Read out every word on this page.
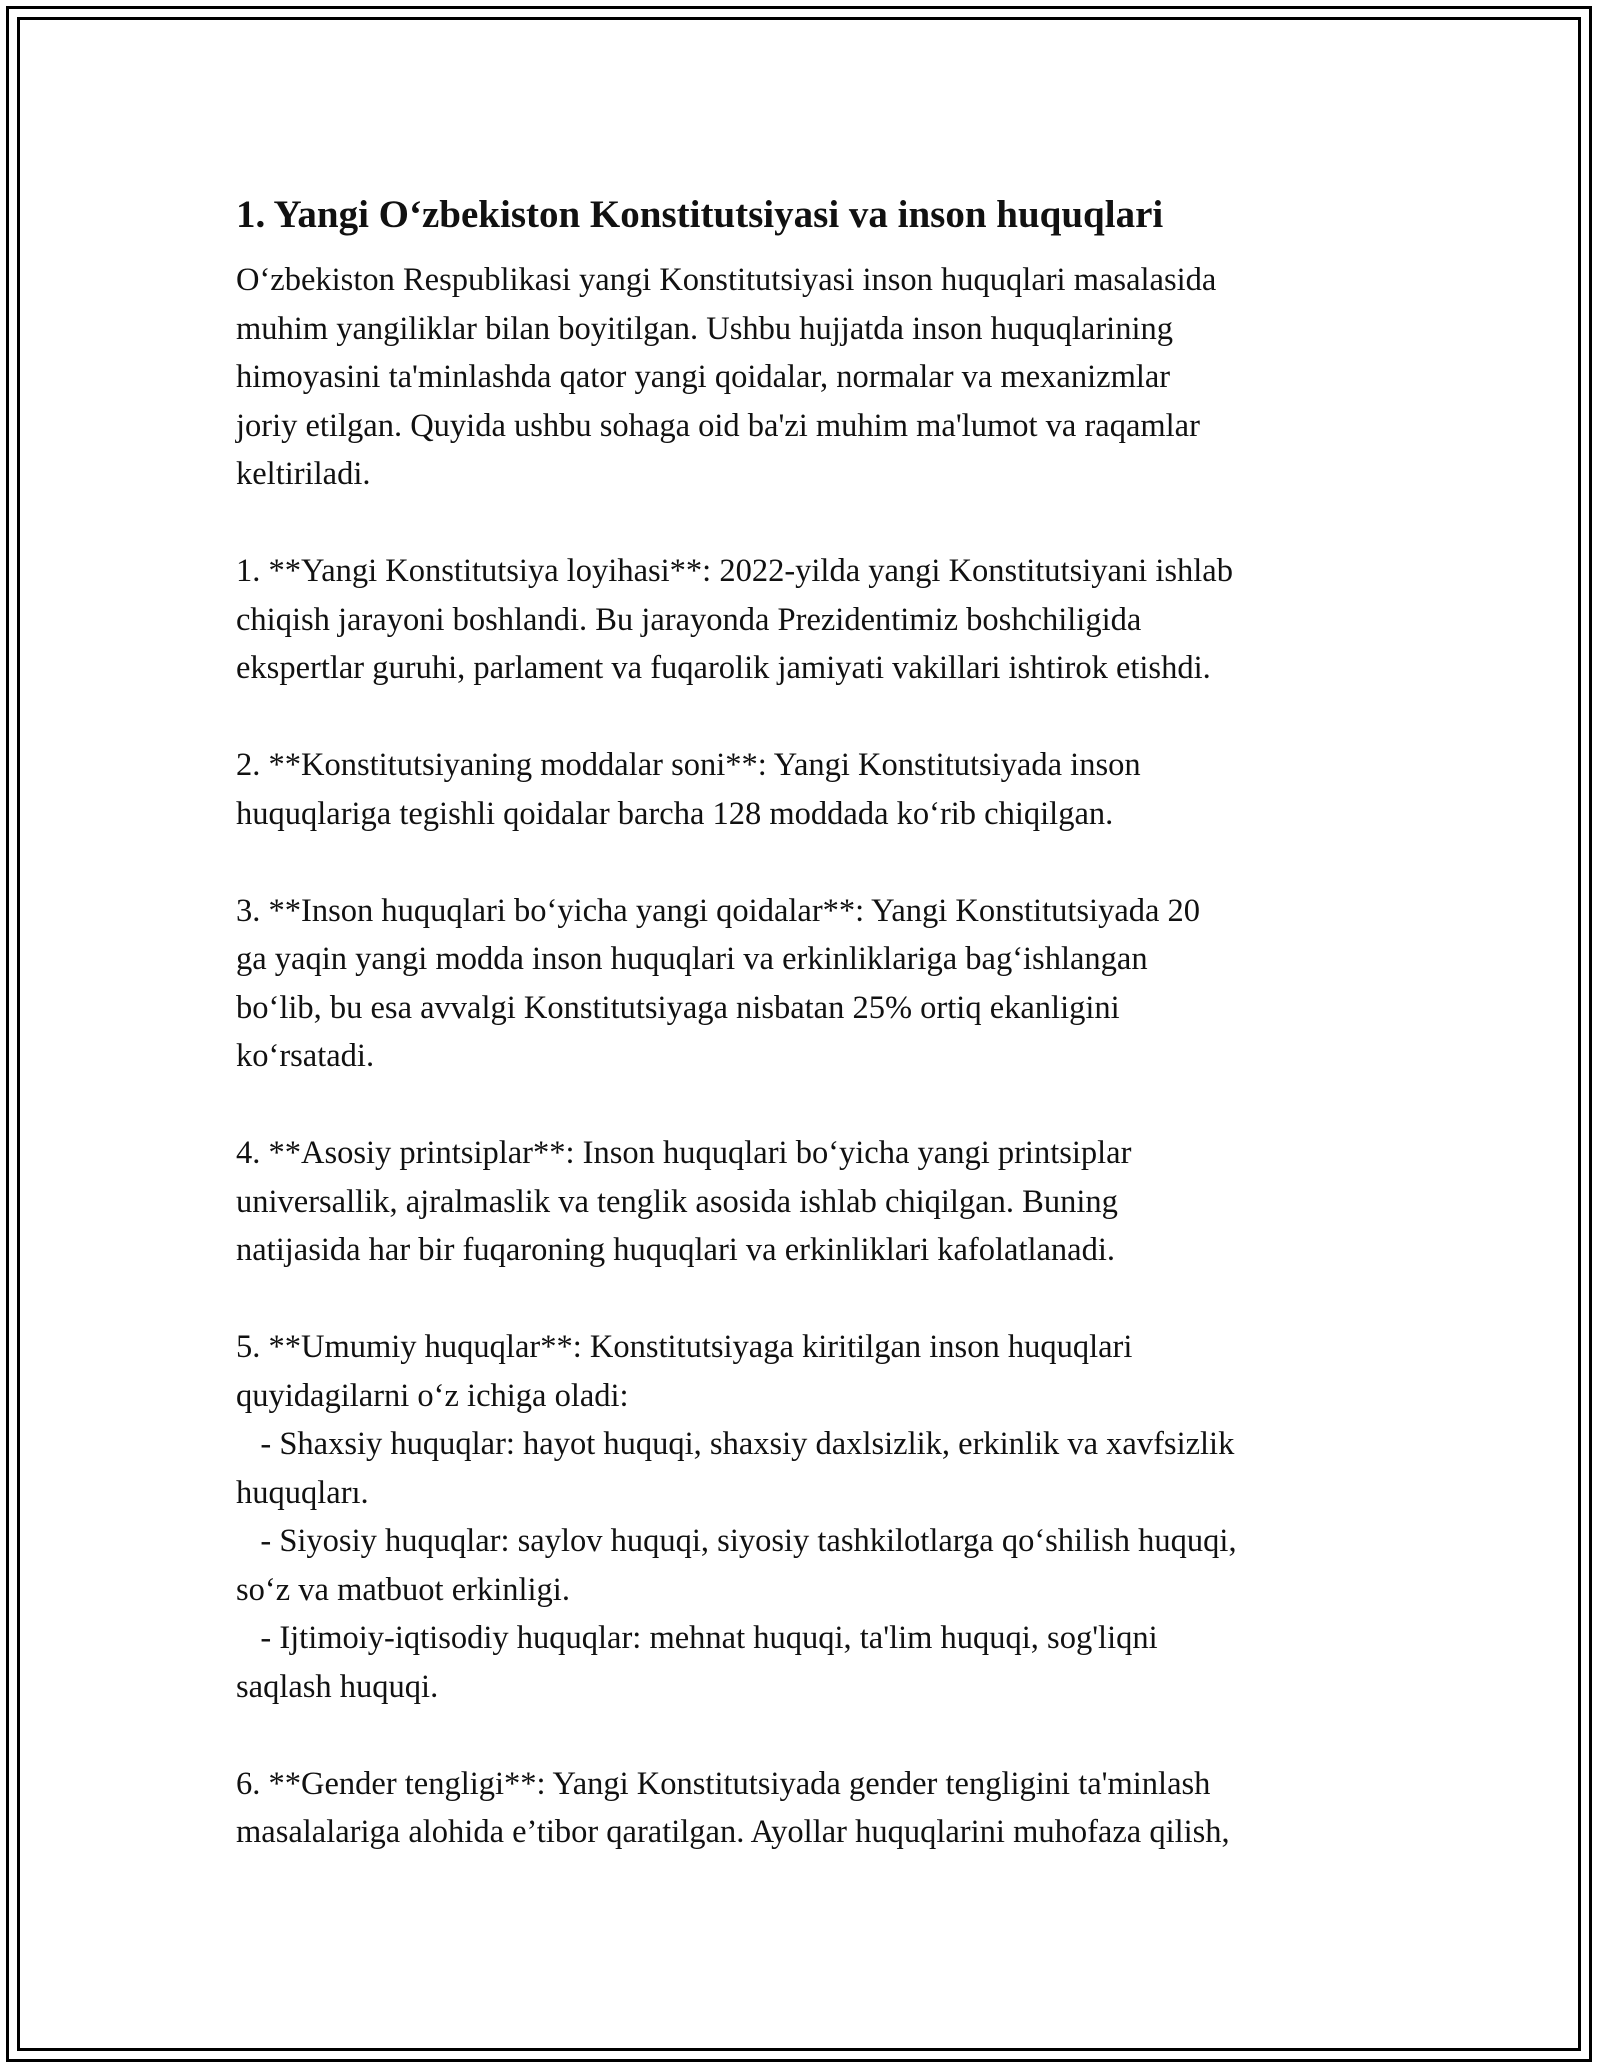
1. Yangi O‘zbekiston Konstitutsiyasi va inson huquqlari
O‘zbekiston Respublikasi yangi Konstitutsiyasi inson huquqlari masalasida
muhim yangiliklar bilan boyitilgan. Ushbu hujjatda inson huquqlarining
himoyasini ta'minlashda qator yangi qoidalar, normalar va mexanizmlar
joriy etilgan. Quyida ushbu sohaga oid ba'zi muhim ma'lumot va raqamlar
keltiriladi.
1. **Yangi Konstitutsiya loyihasi**: 2022-yilda yangi Konstitutsiyani ishlab
chiqish jarayoni boshlandi. Bu jarayonda Prezidentimiz boshchiligida
ekspertlar guruhi, parlament va fuqarolik jamiyati vakillari ishtirok etishdi.
2. **Konstitutsiyaning moddalar soni**: Yangi Konstitutsiyada inson
huquqlariga tegishli qoidalar barcha 128 moddada ko‘rib chiqilgan.
3. **Inson huquqlari bo‘yicha yangi qoidalar**: Yangi Konstitutsiyada 20
ga yaqin yangi modda inson huquqlari va erkinliklariga bag‘ishlangan
bo‘lib, bu esa avvalgi Konstitutsiyaga nisbatan 25% ortiq ekanligini
ko‘rsatadi.
4. **Asosiy printsiplar**: Inson huquqlari bo‘yicha yangi printsiplar
universallik, ajralmaslik va tenglik asosida ishlab chiqilgan. Buning
natijasida har bir fuqaroning huquqlari va erkinliklari kafolatlanadi.
5. **Umumiy huquqlar**: Konstitutsiyaga kiritilgan inson huquqlari
quyidagilarni o‘z ichiga oladi:
- Shaxsiy huquqlar: hayot huquqi, shaxsiy daxlsizlik, erkinlik va xavfsizlik
huquqları.
- Siyosiy huquqlar: saylov huquqi, siyosiy tashkilotlarga qo‘shilish huquqi,
so‘z va matbuot erkinligi.
- Ijtimoiy-iqtisodiy huquqlar: mehnat huquqi, ta'lim huquqi, sog'liqni
saqlash huquqi.
6. **Gender tengligi**: Yangi Konstitutsiyada gender tengligini ta'minlash
masalalariga alohida e’tibor qaratilgan. Ayollar huquqlarini muhofaza qilish,
